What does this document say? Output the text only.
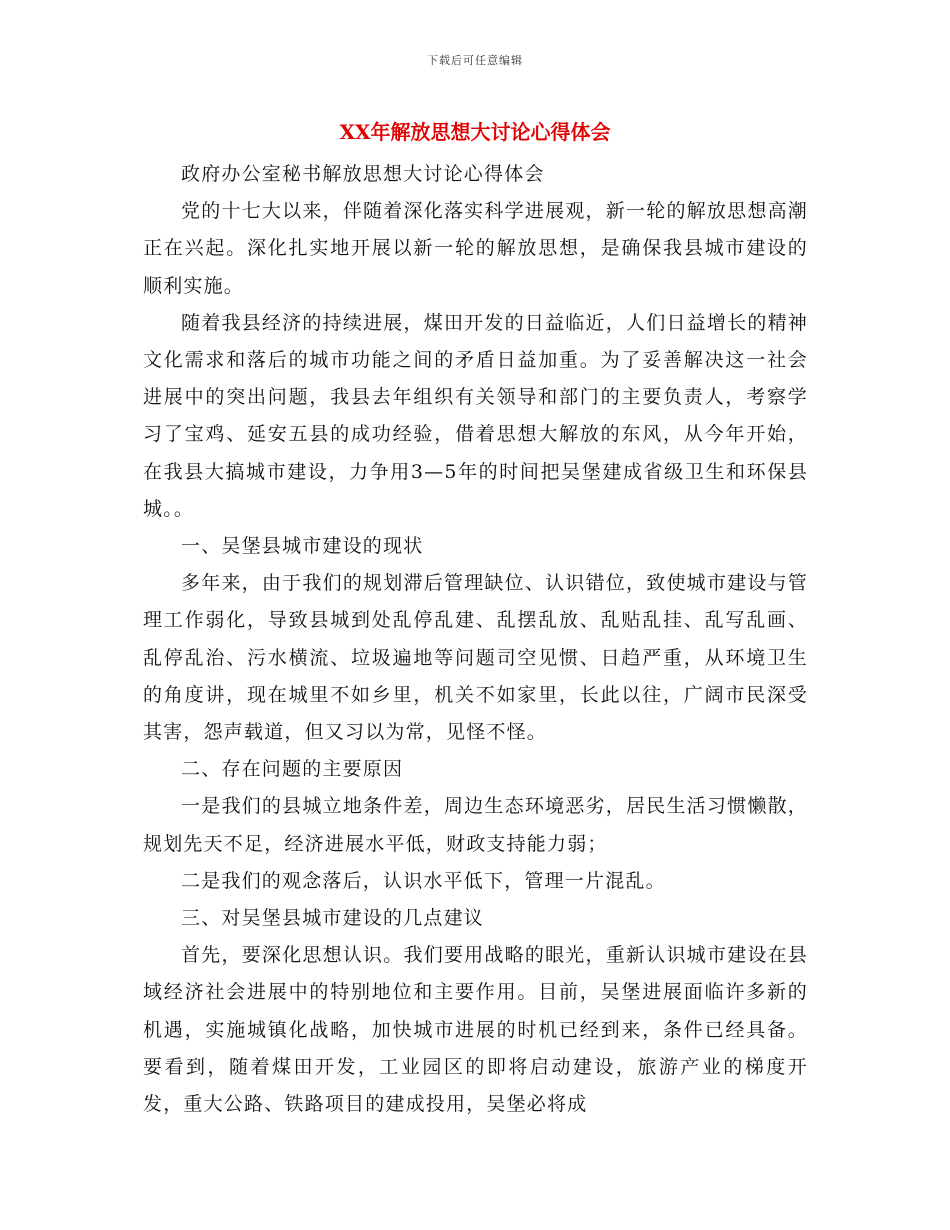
下载后可任意编辑
XX年解放思想大讨论心得体会

政府办公室秘书解放思想大讨论心得体会

党的十七大以来，伴随着深化落实科学进展观，新一轮的解放思想高潮正在兴起。深化扎实地开展以新一轮的解放思想，是确保我县城市建设的顺利实施。

随着我县经济的持续进展，煤田开发的日益临近，人们日益增长的精神文化需求和落后的城市功能之间的矛盾日益加重。为了妥善解决这一社会进展中的突出问题，我县去年组织有关领导和部门的主要负责人，考察学习了宝鸡、延安五县的成功经验，借着思想大解放的东风，从今年开始，在我县大搞城市建设，力争用3—5年的时间把吴堡建成省级卫生和环保县城。。

一、吴堡县城市建设的现状

多年来，由于我们的规划滞后管理缺位、认识错位，致使城市建设与管理工作弱化，导致县城到处乱停乱建、乱摆乱放、乱贴乱挂、乱写乱画、乱停乱治、污水横流、垃圾遍地等问题司空见惯、日趋严重，从环境卫生的角度讲，现在城里不如乡里，机关不如家里，长此以往，广阔市民深受其害，怨声载道，但又习以为常，见怪不怪。

二、存在问题的主要原因

一是我们的县城立地条件差，周边生态环境恶劣，居民生活习惯懒散，规划先天不足，经济进展水平低，财政支持能力弱；

二是我们的观念落后，认识水平低下，管理一片混乱。

三、对吴堡县城市建设的几点建议

首先，要深化思想认识。我们要用战略的眼光，重新认识城市建设在县域经济社会进展中的特别地位和主要作用。目前，吴堡进展面临许多新的机遇，实施城镇化战略，加快城市进展的时机已经到来，条件已经具备。要看到，随着煤田开发，工业园区的即将启动建设，旅游产业的梯度开发，重大公路、铁路项目的建成投用，吴堡必将成
